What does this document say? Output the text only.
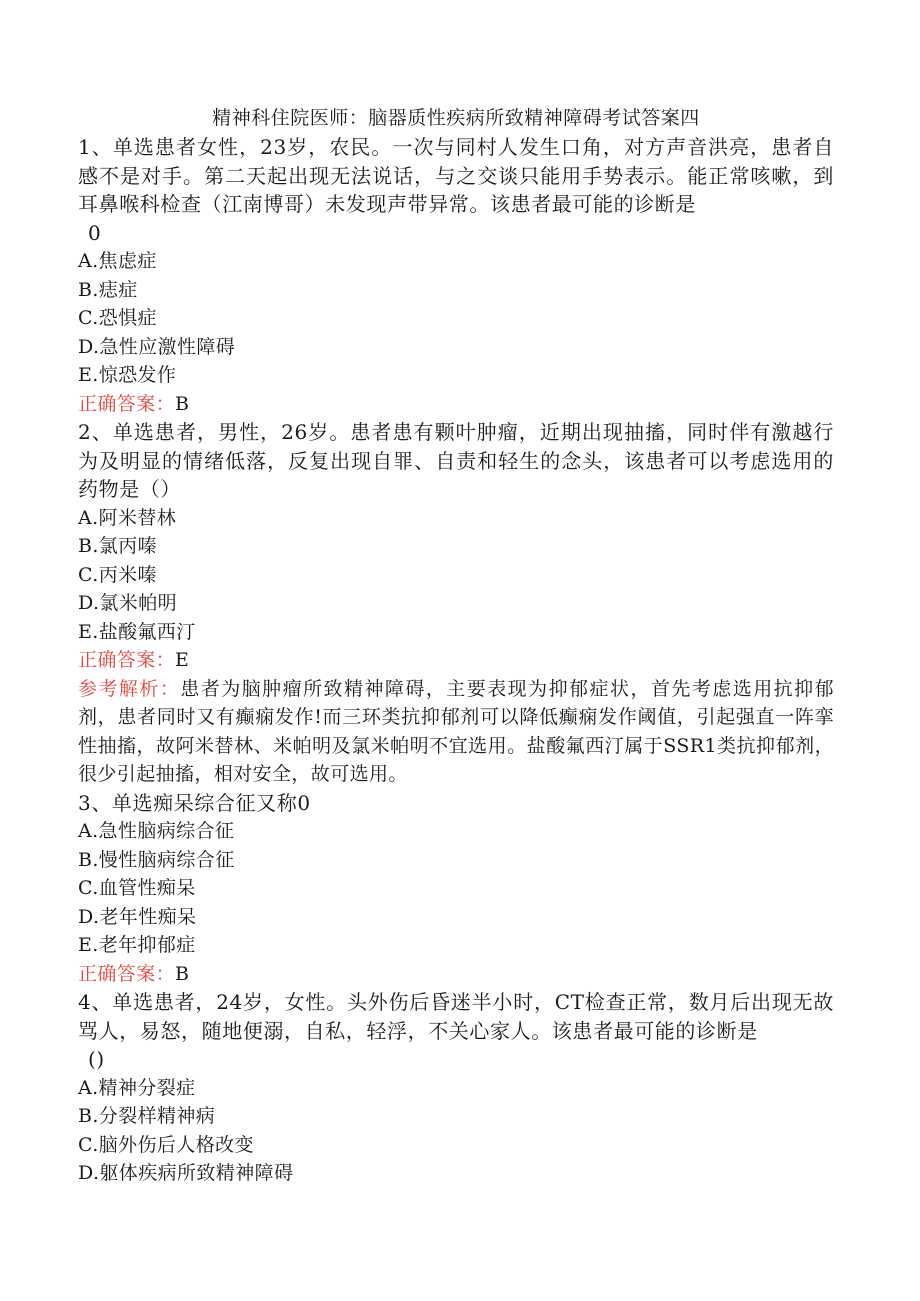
精神科住院医师：脑器质性疾病所致精神障碍考试答案四

1、单选患者女性，23岁，农民。一次与同村人发生口角，对方声音洪亮，患者自感不是对手。第二天起出现无法说话，与之交谈只能用手势表示。能正常咳嗽，到耳鼻喉科检查（江南博哥）未发现声带异常。该患者最可能的诊断是
0

A.焦虑症

B.痣症

C.恐惧症

D.急性应激性障碍

E.惊恐发作

正确答案：B

2、单选患者，男性，26岁。患者患有颗叶肿瘤，近期出现抽搐，同时伴有激越行为及明显的情绪低落，反复出现自罪、自责和轻生的念头，该患者可以考虑选用的药物是（）

A.阿米替林

B.氯丙嗪

C.丙米嗪

D.氯米帕明

E.盐酸氟西汀

正确答案：E

参考解析：患者为脑肿瘤所致精神障碍，主要表现为抑郁症状，首先考虑选用抗抑郁剂，患者同时又有癫痫发作!而三环类抗抑郁剂可以降低癫痫发作阈值，引起强直一阵挛性抽搐，故阿米替林、米帕明及氯米帕明不宜选用。盐酸氟西汀属于SSR1类抗抑郁剂，很少引起抽搐，相对安全，故可选用。

3、单选痴呆综合征又称0

A.急性脑病综合征

B.慢性脑病综合征

C.血管性痴呆

D.老年性痴呆

E.老年抑郁症

正确答案：B

4、单选患者，24岁，女性。头外伤后昏迷半小时，CT检查正常，数月后出现无故骂人，易怒，随地便溺，自私，轻浮，不关心家人。该患者最可能的诊断是
()

A.精神分裂症

B.分裂样精神病

C.脑外伤后人格改变

D.躯体疾病所致精神障碍
